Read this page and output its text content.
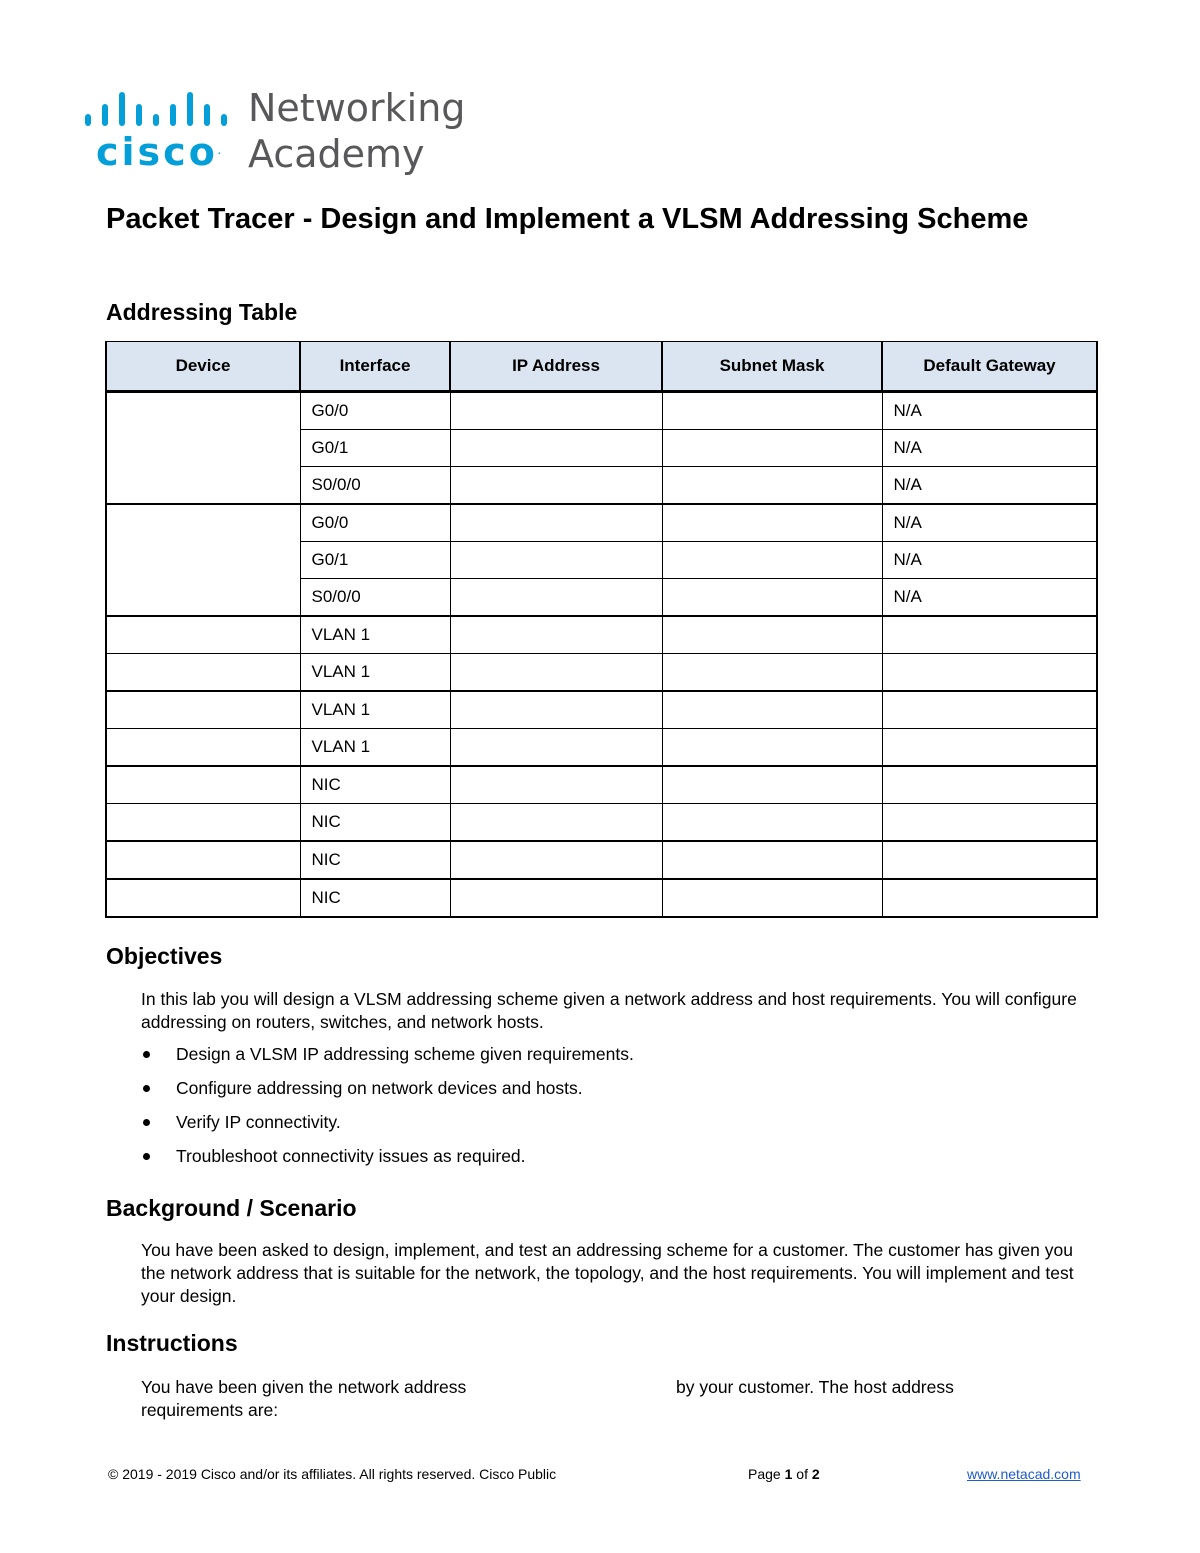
cisco.
Networking
Academy
Packet Tracer - Design and Implement a VLSM Addressing Scheme
Addressing Table
Device	Interface	IP Address	Subnet Mask	Default Gateway
	G0/0			N/A
	G0/1			N/A
	S0/0/0			N/A
	G0/0			N/A
	G0/1			N/A
	S0/0/0			N/A
	VLAN 1			
	VLAN 1			
	VLAN 1			
	VLAN 1			
	NIC			
	NIC			
	NIC			
	NIC			
Objectives

In this lab you will design a VLSM addressing scheme given a network address and host requirements. You will configure addressing on routers, switches, and network hosts.

Design a VLSM IP addressing scheme given requirements.
Configure addressing on network devices and hosts.
Verify IP connectivity.
Troubleshoot connectivity issues as required.
Background / Scenario

You have been asked to design, implement, and test an addressing scheme for a customer. The customer has given you the network address that is suitable for the network, the topology, and the host requirements. You will implement and test your design.

Instructions

You have been given the network address	by your customer. The host address

requirements are:

© 2019 - 2019 Cisco and/or its affiliates. All rights reserved. Cisco Public	Page 1 of 2	www.netacad.com
